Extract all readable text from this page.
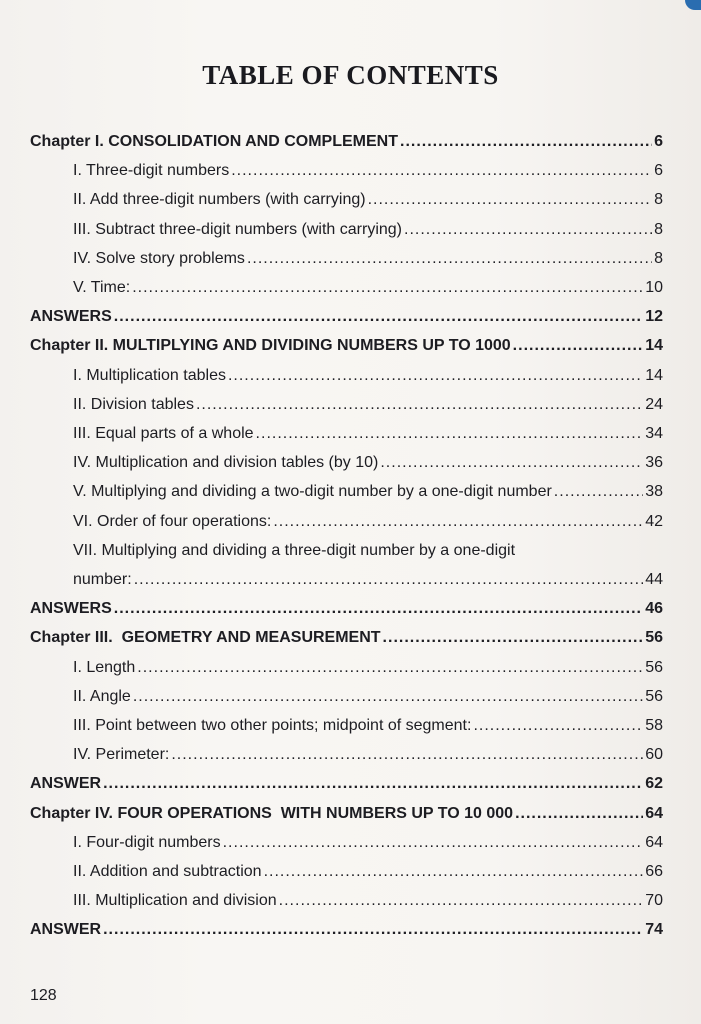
TABLE OF CONTENTS
Chapter I. CONSOLIDATION AND COMPLEMENT .....	6
I. Three-digit numbers .....	6
II. Add three-digit numbers (with carrying) .....	8
III. Subtract three-digit numbers (with carrying) .....	8
IV. Solve story problems .....	8
V. Time: .....	10
ANSWERS .....	12
Chapter II. MULTIPLYING AND DIVIDING NUMBERS UP TO 1000 .....	14
I. Multiplication tables .....	14
II. Division tables .....	24
III. Equal parts of a whole .....	34
IV. Multiplication and division tables (by 10) .....	36
V. Multiplying and dividing a two-digit number by a one-digit number .....	38
VI. Order of four operations: .....	42
VII. Multiplying and dividing a three-digit number by a one-digit
number: .....	44
ANSWERS .....	46
Chapter III.  GEOMETRY AND MEASUREMENT .....	56
I. Length .....	56
II. Angle .....	56
III. Point between two other points; midpoint of segment: .....	58
IV. Perimeter: .....	60
ANSWER .....	62
Chapter IV. FOUR OPERATIONS  WITH NUMBERS UP TO 10 000 .....	64
I. Four-digit numbers .....	64
II. Addition and subtraction .....	66
III. Multiplication and division .....	70
ANSWER .....	74
128
